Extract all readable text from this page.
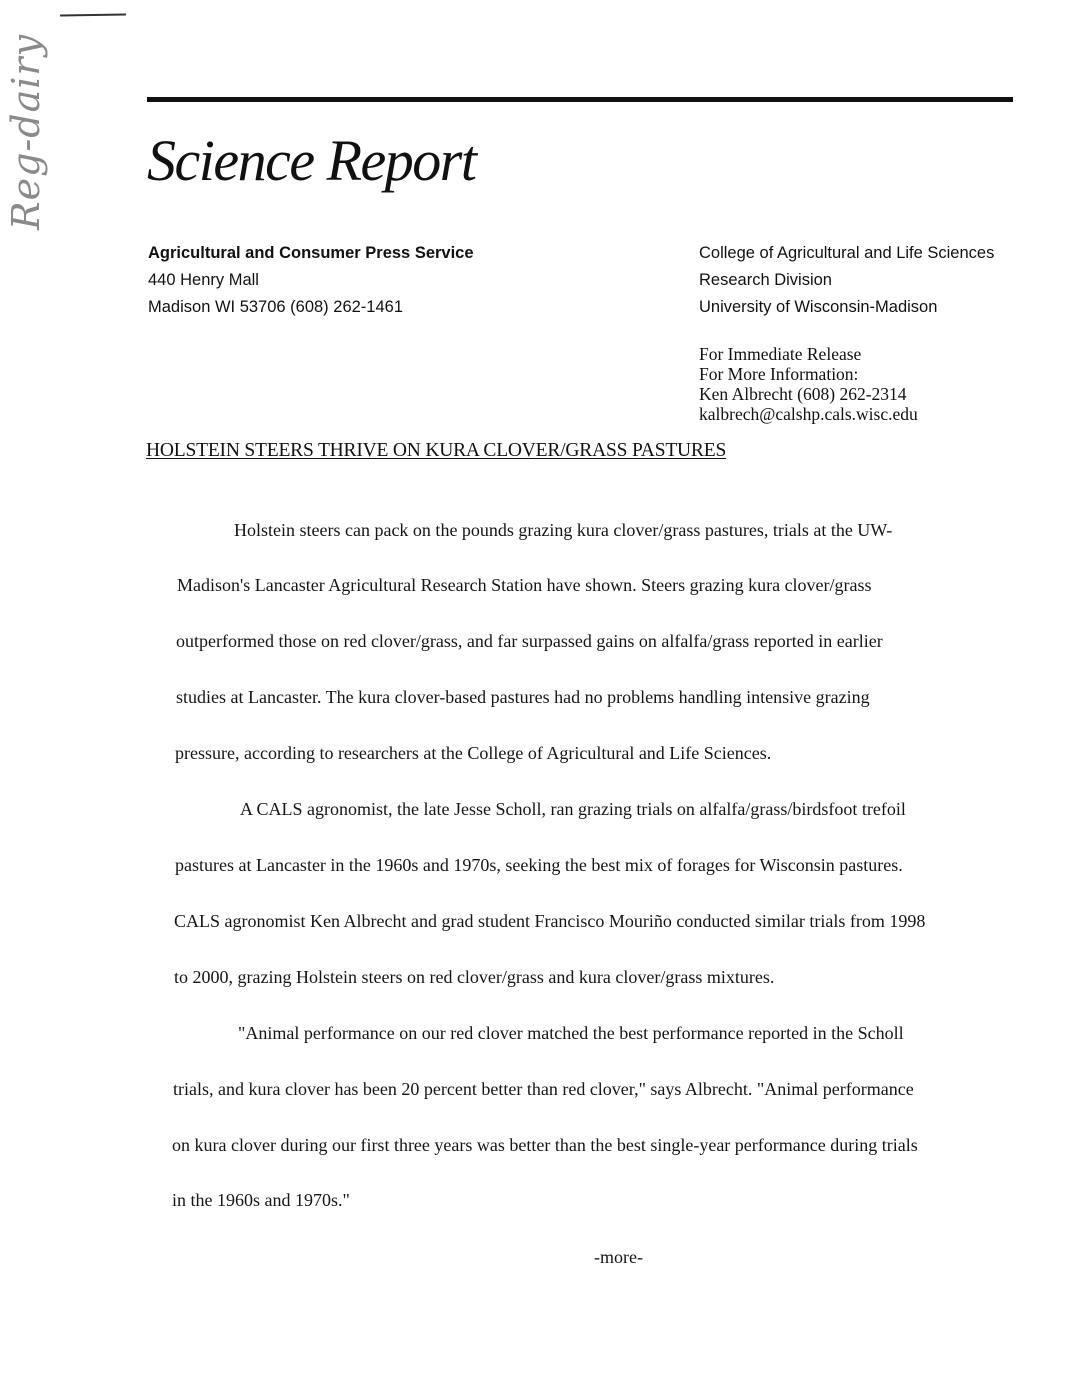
Reg-dairy Science Report
Agricultural and Consumer Press Service
440 Henry Mall
Madison WI 53706 (608) 262-1461
College of Agricultural and Life Sciences
Research Division
University of Wisconsin-Madison
For Immediate Release
For More Information:
Ken Albrecht (608) 262-2314
kalbrech@calshp.cals.wisc.edu
HOLSTEIN STEERS THRIVE ON KURA CLOVER/GRASS PASTURES
Holstein steers can pack on the pounds grazing kura clover/grass pastures, trials at the UW-
Madison's Lancaster Agricultural Research Station have shown. Steers grazing kura clover/grass
outperformed those on red clover/grass, and far surpassed gains on alfalfa/grass reported in earlier
studies at Lancaster. The kura clover-based pastures had no problems handling intensive grazing
pressure, according to researchers at the College of Agricultural and Life Sciences.
A CALS agronomist, the late Jesse Scholl, ran grazing trials on alfalfa/grass/birdsfoot trefoil
pastures at Lancaster in the 1960s and 1970s, seeking the best mix of forages for Wisconsin pastures.
CALS agronomist Ken Albrecht and grad student Francisco Mouriño conducted similar trials from 1998
to 2000, grazing Holstein steers on red clover/grass and kura clover/grass mixtures.
"Animal performance on our red clover matched the best performance reported in the Scholl
trials, and kura clover has been 20 percent better than red clover," says Albrecht. "Animal performance
on kura clover during our first three years was better than the best single-year performance during trials
in the 1960s and 1970s."
-more-
